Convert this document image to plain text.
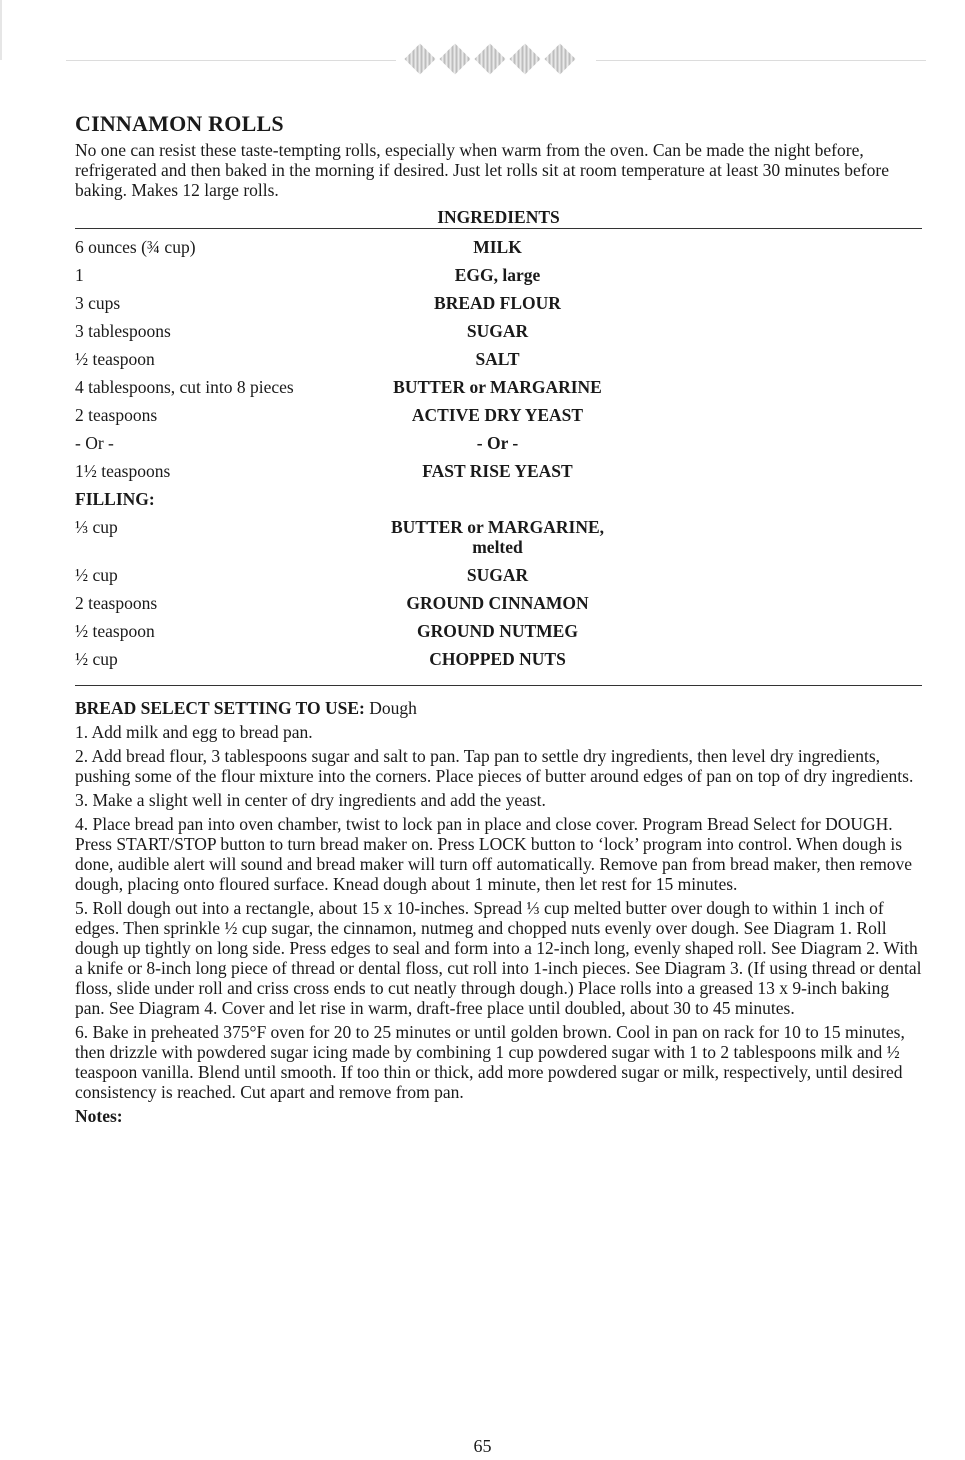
CINNAMON ROLLS

No one can resist these taste-tempting rolls, especially when warm from the oven. Can be made the night before, refrigerated and then baked in the morning if desired. Just let rolls sit at room temperature at least 30 minutes before baking. Makes 12 large rolls.

INGREDIENTS
6 ounces (¾ cup)	MILK
1	EGG, large
3 cups	BREAD FLOUR
3 tablespoons	SUGAR
½ teaspoon	SALT
4 tablespoons, cut into 8 pieces	BUTTER or MARGARINE
2 teaspoons	ACTIVE DRY YEAST
- Or -	- Or -
1½ teaspoons	FAST RISE YEAST
FILLING:
⅓ cup	BUTTER or MARGARINE, melted
½ cup	SUGAR
2 teaspoons	GROUND CINNAMON
½ teaspoon	GROUND NUTMEG
½ cup	CHOPPED NUTS
BREAD SELECT SETTING TO USE: Dough
1. Add milk and egg to bread pan.
2. Add bread flour, 3 tablespoons sugar and salt to pan. Tap pan to settle dry ingredients, then level dry ingredients, pushing some of the flour mixture into the corners. Place pieces of butter around edges of pan on top of dry ingredients.
3. Make a slight well in center of dry ingredients and add the yeast.
4. Place bread pan into oven chamber, twist to lock pan in place and close cover. Program Bread Select for DOUGH. Press START/STOP button to turn bread maker on. Press LOCK button to ‘lock’ program into control. When dough is done, audible alert will sound and bread maker will turn off automatically. Remove pan from bread maker, then remove dough, placing onto floured surface. Knead dough about 1 minute, then let rest for 15 minutes.
5. Roll dough out into a rectangle, about 15 x 10-inches. Spread ⅓ cup melted butter over dough to within 1 inch of edges. Then sprinkle ½ cup sugar, the cinnamon, nutmeg and chopped nuts evenly over dough. See Diagram 1. Roll dough up tightly on long side. Press edges to seal and form into a 12-inch long, evenly shaped roll. See Diagram 2. With a knife or 8-inch long piece of thread or dental floss, cut roll into 1-inch pieces. See Diagram 3. (If using thread or dental floss, slide under roll and criss cross ends to cut neatly through dough.) Place rolls into a greased 13 x 9-inch baking pan. See Diagram 4. Cover and let rise in warm, draft-free place until doubled, about 30 to 45 minutes.
6. Bake in preheated 375°F oven for 20 to 25 minutes or until golden brown. Cool in pan on rack for 10 to 15 minutes, then drizzle with powdered sugar icing made by combining 1 cup powdered sugar with 1 to 2 tablespoons milk and ½ teaspoon vanilla. Blend until smooth. If too thin or thick, add more powdered sugar or milk, respectively, until desired consistency is reached. Cut apart and remove from pan.
Notes:
65
